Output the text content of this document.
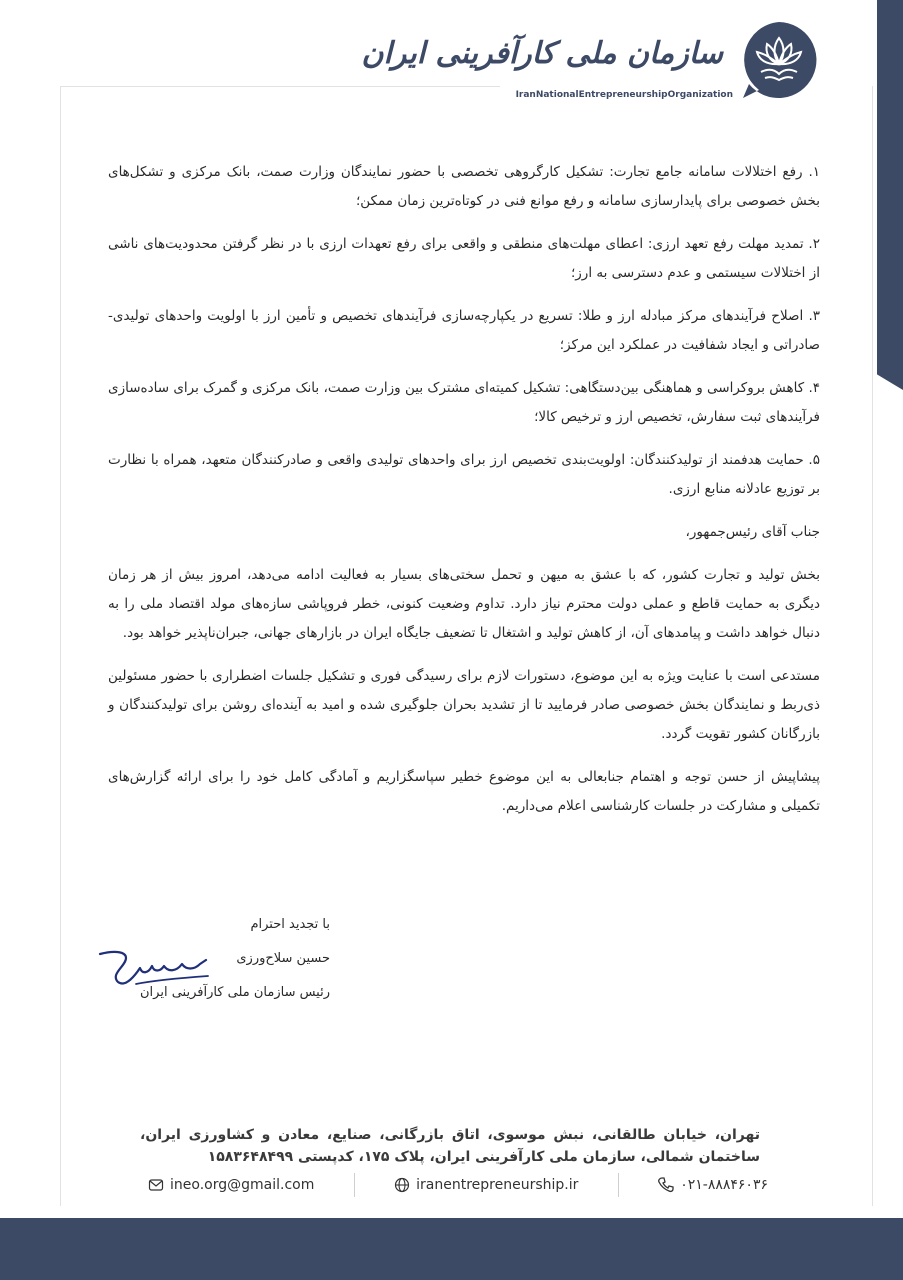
سازمان ملی کارآفرینی ایران
IranNationalEntrepreneurshipOrganization

۱. رفع اختلالات سامانه جامع تجارت: تشکیل کارگروهی تخصصی با حضور نمایندگان وزارت صمت، بانک مرکزی و تشکل‌های بخش خصوصی برای پایدارسازی سامانه و رفع موانع فنی در کوتاه‌ترین زمان ممکن؛

۲. تمدید مهلت رفع تعهد ارزی: اعطای مهلت‌های منطقی و واقعی برای رفع تعهدات ارزی با در نظر گرفتن محدودیت‌های ناشی از اختلالات سیستمی و عدم دسترسی به ارز؛

۳. اصلاح فرآیندهای مرکز مبادله ارز و طلا: تسریع در یکپارچه‌سازی فرآیندهای تخصیص و تأمین ارز با اولویت واحدهای تولیدی-صادراتی و ایجاد شفافیت در عملکرد این مرکز؛

۴. کاهش بروکراسی و هماهنگی بین‌دستگاهی: تشکیل کمیته‌ای مشترک بین وزارت صمت، بانک مرکزی و گمرک برای ساده‌سازی فرآیندهای ثبت سفارش، تخصیص ارز و ترخیص کالا؛

۵. حمایت هدفمند از تولیدکنندگان: اولویت‌بندی تخصیص ارز برای واحدهای تولیدی واقعی و صادرکنندگان متعهد، همراه با نظارت بر توزیع عادلانه منابع ارزی.

جناب آقای رئیس‌جمهور،

بخش تولید و تجارت کشور، که با عشق به میهن و تحمل سختی‌های بسیار به فعالیت ادامه می‌دهد، امروز بیش از هر زمان دیگری به حمایت قاطع و عملی دولت محترم نیاز دارد. تداوم وضعیت کنونی، خطر فروپاشی سازه‌های مولد اقتصاد ملی را به دنبال خواهد داشت و پیامدهای آن، از کاهش تولید و اشتغال تا تضعیف جایگاه ایران در بازارهای جهانی، جبران‌ناپذیر خواهد بود.

مستدعی است با عنایت ویژه به این موضوع، دستورات لازم برای رسیدگی فوری و تشکیل جلسات اضطراری با حضور مسئولین ذی‌ربط و نمایندگان بخش خصوصی صادر فرمایید تا از تشدید بحران جلوگیری شده و امید به آینده‌ای روشن برای تولیدکنندگان و بازرگانان کشور تقویت گردد.

پیشاپیش از حسن توجه و اهتمام جنابعالی به این موضوع خطیر سپاسگزاریم و آمادگی کامل خود را برای ارائه گزارش‌های تکمیلی و مشارکت در جلسات کارشناسی اعلام می‌داریم.

با تجدید احترام
حسین سلاح‌ورزی
رئیس سازمان ملی کارآفرینی ایران
تهران، خیابان طالقانی، نبش موسوی، اتاق بازرگانی، صنایع، معادن و کشاورزی ایران، ساختمان شمالی، سازمان ملی کارآفرینی ایران، پلاک ۱۷۵، کدپستی ۱۵۸۳۶۴۸۴۹۹
۰۲۱-۸۸۸۴۶۰۳۶
iranentrepreneurship.ir
ineo.org@gmail.com
